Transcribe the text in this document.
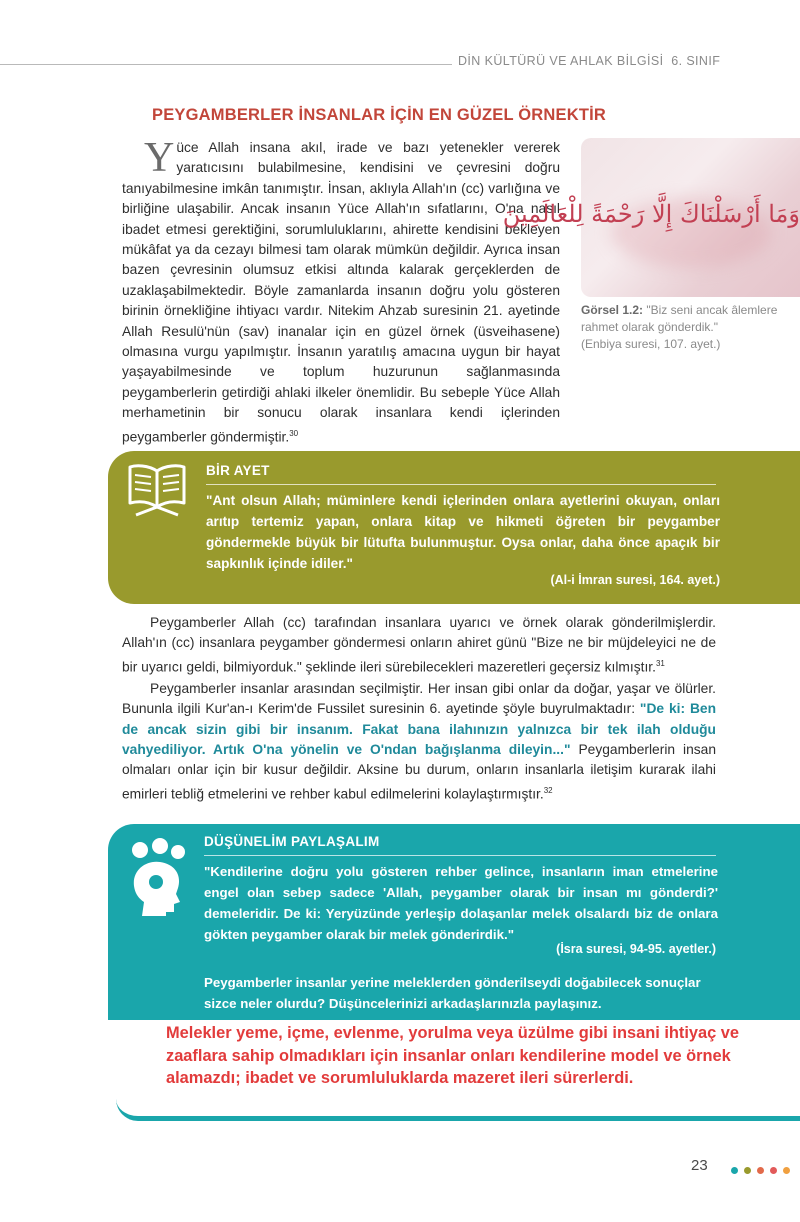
DİN KÜLTÜRÜ VE AHLAK BİLGİSİ 6. SINIF
PEYGAMBERLER İNSANLAR İÇİN EN GÜZEL ÖRNEKTİR
Yüce Allah insana akıl, irade ve bazı yetenekler vererek yaratıcısını bulabilmesine, kendisini ve çevresini doğru tanıyabilmesine imkân tanımıştır. İnsan, aklıyla Allah'ın (cc) varlığına ve birliğine ulaşabilir. Ancak insanın Yüce Allah'ın sıfatlarını, O'na nasıl ibadet etmesi gerektiğini, sorumluluklarını, ahirette kendisini bekleyen mükâfat ya da cezayı bilmesi tam olarak mümkün değildir. Ayrıca insan bazen çevresinin olumsuz etkisi altında kalarak gerçeklerden de uzaklaşabilmektedir. Böyle zamanlarda insanın doğru yolu gösteren birinin örnekliğine ihtiyacı vardır. Nitekim Ahzab suresinin 21. ayetinde Allah Resulü'nün (sav) inanalar için en güzel örnek (üsveihasene) olmasına vurgu yapılmıştır. İnsanın yaratılış amacına uygun bir hayat yaşayabilmesinde ve toplum huzurunun sağlanmasında peygamberlerin getirdiği ahlaki ilkeler önemlidir. Bu sebeple Yüce Allah merhametinin bir sonucu olarak insanlara kendi içlerinden peygamberler göndermiştir.$^{30}$
وَمَا أَرْسَلْنَاكَ إِلَّا رَحْمَةً لِلْعَالَمِينَ
Görsel 1.2: "Biz seni ancak âlemlere rahmet olarak gönderdik."
(Enbiya suresi, 107. ayet.)
BİR AYET
"Ant olsun Allah; müminlere kendi içlerinden onlara ayetlerini okuyan, onları arıtıp tertemiz yapan, onlara kitap ve hikmeti öğreten bir peygamber göndermekle büyük bir lütufta bulunmuştur. Oysa onlar, daha önce apaçık bir sapkınlık içinde idiler."
(Al-i İmran suresi, 164. ayet.)

Peygamberler Allah (cc) tarafından insanlara uyarıcı ve örnek olarak gönderilmişlerdir. Allah'ın (cc) insanlara peygamber göndermesi onların ahiret günü "Bize ne bir müjdeleyici ne de bir uyarıcı geldi, bilmiyorduk." şeklinde ileri sürebilecekleri mazeretleri geçersiz kılmıştır.$^{31}$

Peygamberler insanlar arasından seçilmiştir. Her insan gibi onlar da doğar, yaşar ve ölürler. Bununla ilgili Kur'an-ı Kerim'de Fussilet suresinin 6. ayetinde şöyle buyrulmaktadır: "De ki: Ben de ancak sizin gibi bir insanım. Fakat bana ilahınızın yalnızca bir tek ilah olduğu vahyediliyor. Artık O'na yönelin ve O'ndan bağışlanma dileyin..." Peygamberlerin insan olmaları onlar için bir kusur değildir. Aksine bu durum, onların insanlarla iletişim kurarak ilahi emirleri tebliğ etmelerini ve rehber kabul edilmelerini kolaylaştırmıştır.$^{32}$

DÜŞÜNELİM PAYLAŞALIM
"Kendilerine doğru yolu gösteren rehber gelince, insanların iman etmelerine engel olan sebep sadece 'Allah, peygamber olarak bir insan mı gönderdi?' demeleridir. De ki: Yeryüzünde yerleşip dolaşanlar melek olsalardı biz de onlara gökten peygamber olarak bir melek gönderirdik."
(İsra suresi, 94-95. ayetler.)
Peygamberler insanlar yerine meleklerden gönderilseydi doğabilecek sonuçlar sizce neler olurdu? Düşüncelerinizi arkadaşlarınızla paylaşınız.
Melekler yeme, içme, evlenme, yorulma veya üzülme gibi insani ihtiyaç ve zaaflara sahip olmadıkları için insanlar onları kendilerine model ve örnek alamazdı; ibadet ve sorumluluklarda mazeret ileri sürerlerdi.
23
